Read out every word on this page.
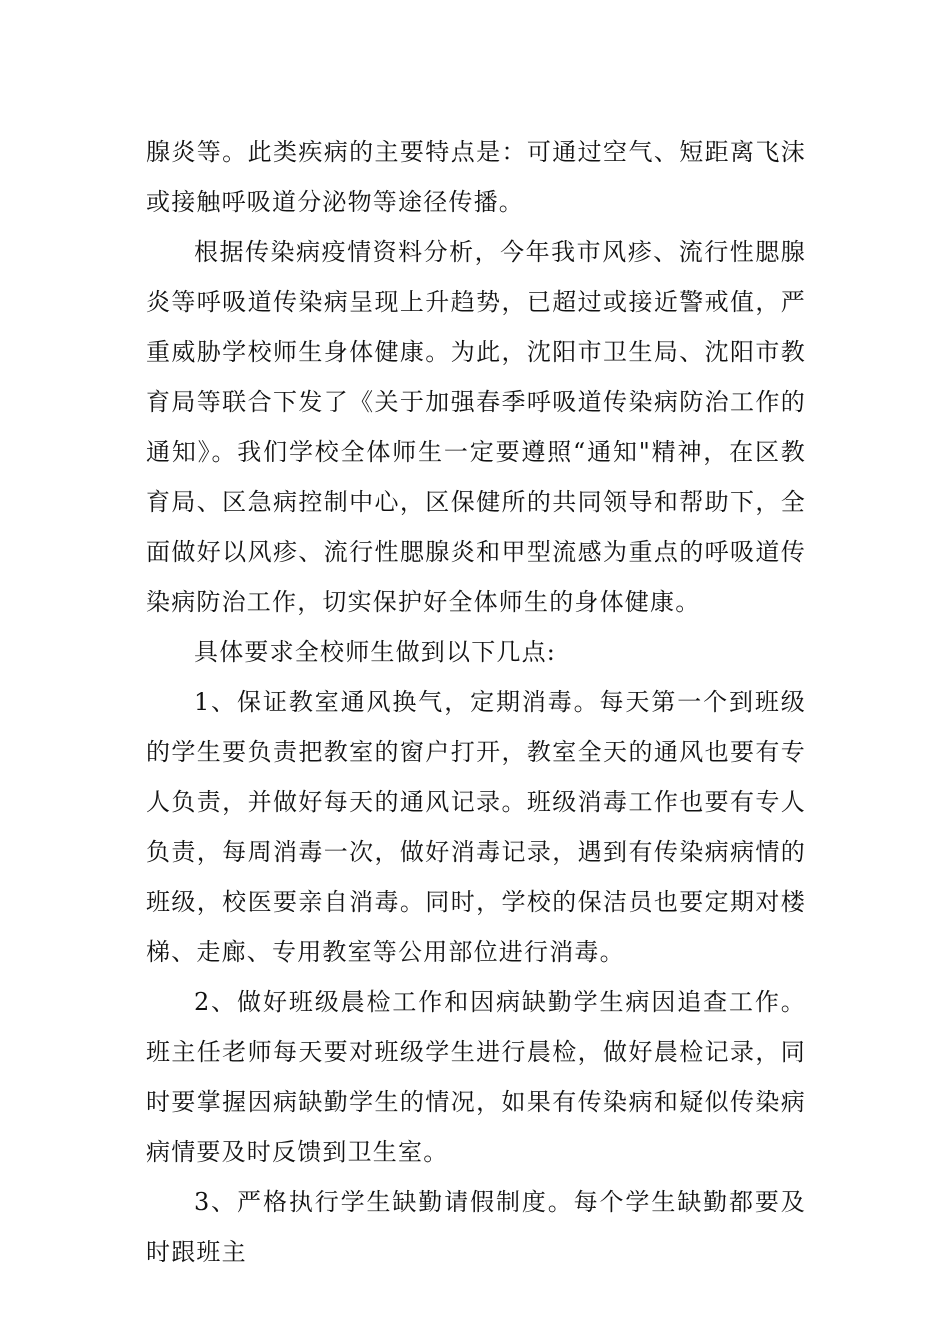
腺炎等。此类疾病的主要特点是：可通过空气、短距离飞沫或接触呼吸道分泌物等途径传播。

根据传染病疫情资料分析，今年我市风疹、流行性腮腺炎等呼吸道传染病呈现上升趋势，已超过或接近警戒值，严重威胁学校师生身体健康。为此，沈阳市卫生局、沈阳市教育局等联合下发了《关于加强春季呼吸道传染病防治工作的通知》。我们学校全体师生一定要遵照“通知"精神，在区教育局、区急病控制中心，区保健所的共同领导和帮助下，全面做好以风疹、流行性腮腺炎和甲型流感为重点的呼吸道传染病防治工作，切实保护好全体师生的身体健康。

具体要求全校师生做到以下几点:

1、保证教室通风换气，定期消毒。每天第一个到班级的学生要负责把教室的窗户打开，教室全天的通风也要有专人负责，并做好每天的通风记录。班级消毒工作也要有专人负责，每周消毒一次，做好消毒记录，遇到有传染病病情的班级，校医要亲自消毒。同时，学校的保洁员也要定期对楼梯、走廊、专用教室等公用部位进行消毒。

2、做好班级晨检工作和因病缺勤学生病因追查工作。班主任老师每天要对班级学生进行晨检，做好晨检记录，同时要掌握因病缺勤学生的情况，如果有传染病和疑似传染病病情要及时反馈到卫生室。

3、严格执行学生缺勤请假制度。每个学生缺勤都要及时跟班主
